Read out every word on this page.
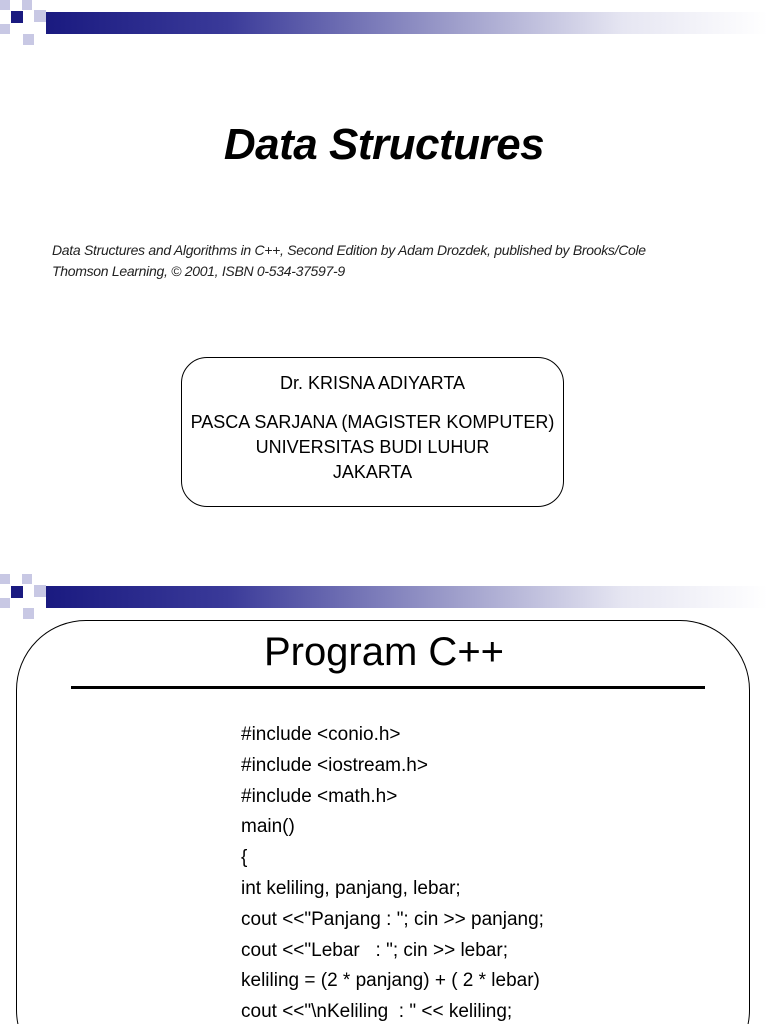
Data Structures
Data Structures and Algorithms in C++, Second Edition by Adam Drozdek, published by Brooks/Cole
Thomson Learning, © 2001, ISBN 0-534-37597-9
Dr. KRISNA ADIYARTA
PASCA SARJANA (MAGISTER KOMPUTER)
UNIVERSITAS BUDI LUHUR
JAKARTA
Program C++
#include <conio.h>
#include <iostream.h>
#include <math.h>
main()
{
int keliling, panjang, lebar;
cout <<"Panjang : "; cin >> panjang;
cout <<"Lebar   : "; cin >> lebar;
keliling = (2 * panjang) + ( 2 * lebar)
cout <<"\nKeliling  : " << keliling;
